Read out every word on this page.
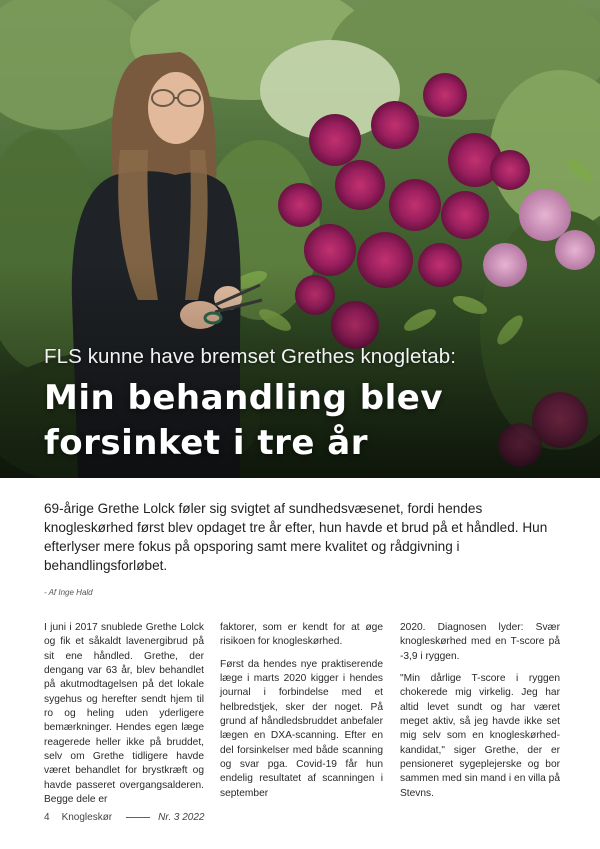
FLS kunne have bremset Grethes knogletab:
Min behandling blev forsinket i tre år
69-årige Grethe Lolck føler sig svigtet af sundhedsvæsenet, fordi hendes knogleskørhed først blev opdaget tre år efter, hun havde et brud på et håndled. Hun efterlyser mere fokus på opsporing samt mere kvalitet og rådgivning i behandlingsforløbet.
- Af Inge Hald

I juni i 2017 snublede Grethe Lolck og fik et såkaldt lavenergibrud på sit ene håndled. Grethe, der dengang var 63 år, blev behandlet på akutmodtagelsen på det lokale sygehus og herefter sendt hjem til ro og heling uden yderligere bemærkninger. Hendes egen læge reagerede heller ikke på bruddet, selv om Grethe tidligere havde været behandlet for brystkræft og havde passeret overgangsalderen. Begge dele er

faktorer, som er kendt for at øge risikoen for knogleskørhed.

Først da hendes nye praktiserende læge i marts 2020 kigger i hendes journal i forbindelse med et helbredstjek, sker der noget. På grund af håndledsbruddet anbefaler lægen en DXA-scanning. Efter en del forsinkelser med både scanning og svar pga. Covid-19 får hun endelig resultatet af scanningen i september

2020. Diagnosen lyder: Svær knogleskørhed med en T-score på -3,9 i ryggen.

"Min dårlige T-score i ryggen chokerede mig virkelig. Jeg har altid levet sundt og har været meget aktiv, så jeg havde ikke set mig selv som en knogleskørhed-kandidat," siger Grethe, der er pensioneret sygeplejerske og bor sammen med sin mand i en villa på Stevns.

4 Knogleskør	Nr. 3 2022
